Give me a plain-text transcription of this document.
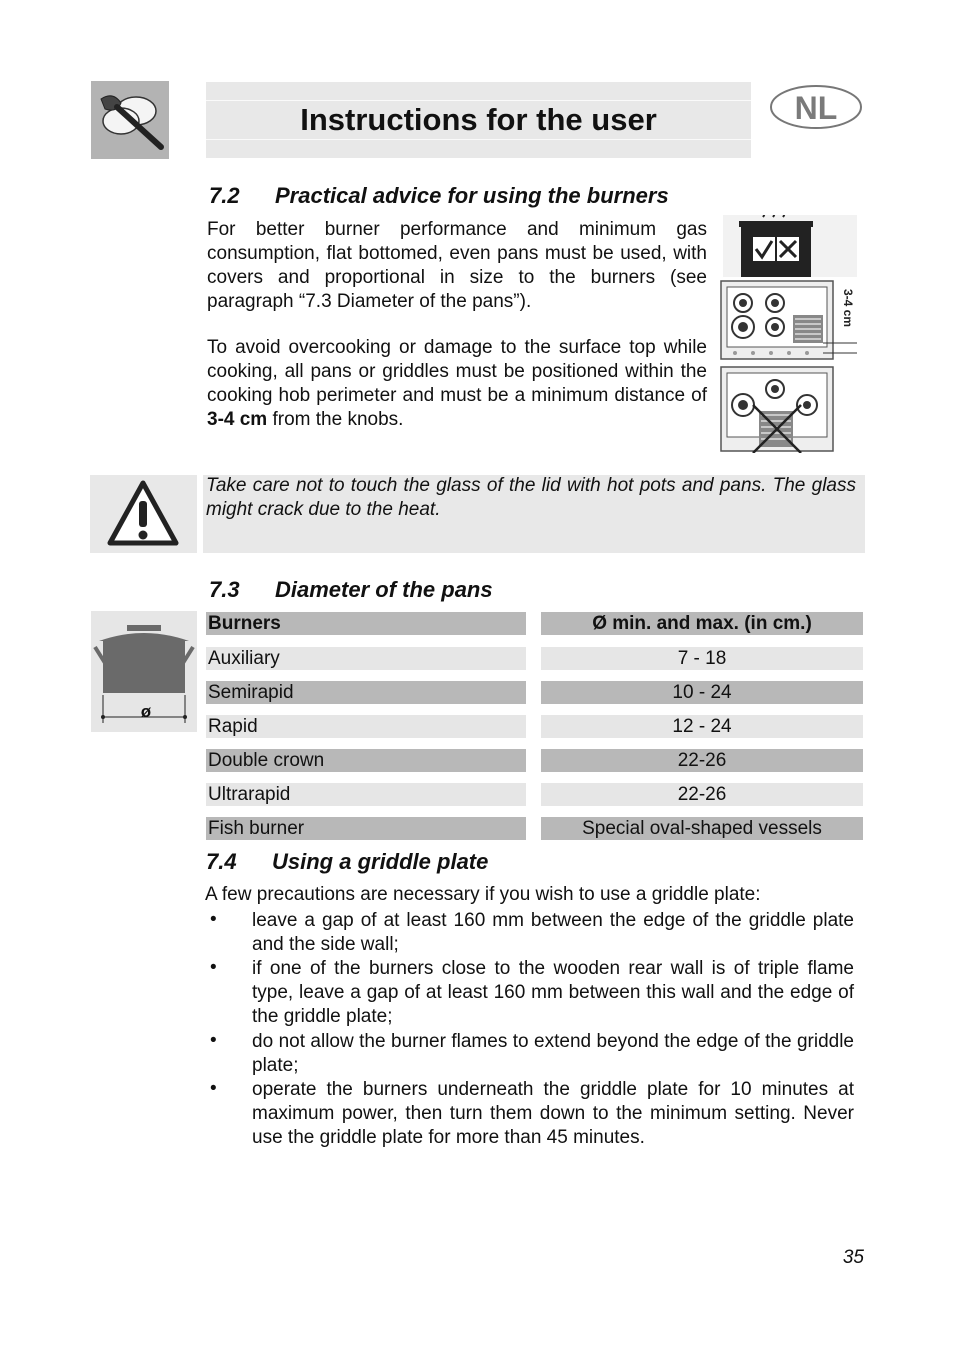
Instructions for the user	NL
7.2 Practical advice for using the burners
For better burner performance and minimum gas consumption, flat bottomed, even pans must be used, with covers and proportional in size to the burners (see paragraph “7.3 Diameter of the pans”).
To avoid overcooking or damage to the surface top while cooking, all pans or griddles must be positioned within the cooking hob perimeter and must be a minimum distance of 3-4 cm from the knobs.
3-4 cm
Take care not to touch the glass of the lid with hot pots and pans. The glass might crack due to the heat.
7.3 Diameter of the pans
ø
Burners	Ø min. and max. (in cm.)
Auxiliary	7 - 18
Semirapid	10 - 24
Rapid	12 - 24
Double crown	22-26
Ultrarapid	22-26
Fish burner	Special oval-shaped vessels
7.4 Using a griddle plate
A few precautions are necessary if you wish to use a griddle plate:
• leave a gap of at least 160 mm between the edge of the griddle plate and the side wall;
• if one of the burners close to the wooden rear wall is of triple flame type, leave a gap of at least 160 mm between this wall and the edge of the griddle plate;
• do not allow the burner flames to extend beyond the edge of the griddle plate;
• operate the burners underneath the griddle plate for 10 minutes at maximum power, then turn them down to the minimum setting. Never use the griddle plate for more than 45 minutes.
35
